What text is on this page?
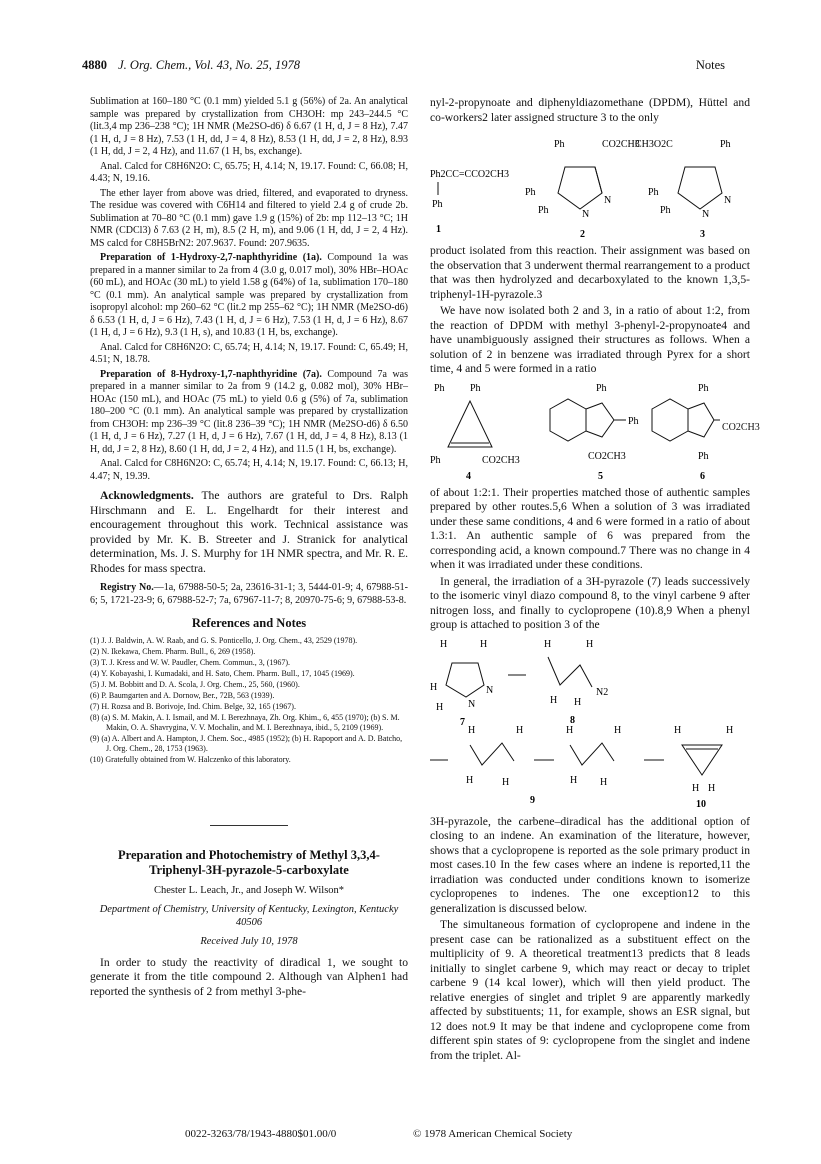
4880 J. Org. Chem., Vol. 43, No. 25, 1978	Notes

Sublimation at 160–180 °C (0.1 mm) yielded 5.1 g (56%) of 2a. An analytical sample was prepared by crystallization from CH3OH: mp 243–244.5 °C (lit.3,4 mp 236–238 °C); 1H NMR (Me2SO-d6) δ 6.67 (1 H, d, J = 8 Hz), 7.47 (1 H, d, J = 8 Hz), 7.53 (1 H, dd, J = 4, 8 Hz), 8.53 (1 H, dd, J = 2, 8 Hz), 8.93 (1 H, dd, J = 2, 4 Hz), and 11.67 (1 H, bs, exchange).

Anal. Calcd for C8H6N2O: C, 65.75; H, 4.14; N, 19.17. Found: C, 66.08; H, 4.43; N, 19.16.

The ether layer from above was dried, filtered, and evaporated to dryness. The residue was covered with C6H14 and filtered to yield 2.4 g of crude 2b. Sublimation at 70–80 °C (0.1 mm) gave 1.9 g (15%) of 2b: mp 112–13 °C; 1H NMR (CDCl3) δ 7.63 (2 H, m), 8.5 (2 H, m), and 9.06 (1 H, dd, J = 2, 4 Hz). MS calcd for C8H5BrN2: 207.9637. Found: 207.9635.

Preparation of 1-Hydroxy-2,7-naphthyridine (1a). Compound 1a was prepared in a manner similar to 2a from 4 (3.0 g, 0.017 mol), 30% HBr–HOAc (60 mL), and HOAc (30 mL) to yield 1.58 g (64%) of 1a, sublimation 170–180 °C (0.1 mm). An analytical sample was prepared by crystallization from isopropyl alcohol: mp 260–62 °C (lit.2 mp 255–62 °C); 1H NMR (Me2SO-d6) δ 6.53 (1 H, d, J = 6 Hz), 7.43 (1 H, d, J = 6 Hz), 7.53 (1 H, d, J = 6 Hz), 8.67 (1 H, d, J = 6 Hz), 9.3 (1 H, s), and 10.83 (1 H, bs, exchange).

Anal. Calcd for C8H6N2O: C, 65.74; H, 4.14; N, 19.17. Found: C, 65.49; H, 4.51; N, 18.78.

Preparation of 8-Hydroxy-1,7-naphthyridine (7a). Compound 7a was prepared in a manner similar to 2a from 9 (14.2 g, 0.082 mol), 30% HBr–HOAc (150 mL), and HOAc (75 mL) to yield 0.6 g (5%) of 7a, sublimation 180–200 °C (0.1 mm). An analytical sample was prepared by crystallization from CH3OH: mp 236–39 °C (lit.8 236–39 °C); 1H NMR (Me2SO-d6) δ 6.50 (1 H, d, J = 6 Hz), 7.27 (1 H, d, J = 6 Hz), 7.67 (1 H, dd, J = 4, 8 Hz), 8.13 (1 H, dd, J = 2, 8 Hz), 8.60 (1 H, dd, J = 2, 4 Hz), and 11.5 (1 H, bs, exchange).

Anal. Calcd for C8H6N2O: C, 65.74; H, 4.14; N, 19.17. Found: C, 66.13; H, 4.47; N, 19.39.

Acknowledgments. The authors are grateful to Drs. Ralph Hirschmann and E. L. Engelhardt for their interest and encouragement throughout this work. Technical assistance was provided by Mr. K. B. Streeter and J. Stranick for analytical determination, Ms. J. S. Murphy for 1H NMR spectra, and Mr. R. E. Rhodes for mass spectra.

Registry No.—1a, 67988-50-5; 2a, 23616-31-1; 3, 5444-01-9; 4, 67988-51-6; 5, 1721-23-9; 6, 67988-52-7; 7a, 67967-11-7; 8, 20970-75-6; 9, 67988-53-8.

References and Notes
(1) J. J. Baldwin, A. W. Raab, and G. S. Ponticello, J. Org. Chem., 43, 2529 (1978).
(2) N. Ikekawa, Chem. Pharm. Bull., 6, 269 (1958).
(3) T. J. Kress and W. W. Paudler, Chem. Commun., 3, (1967).
(4) Y. Kobayashi, I. Kumadaki, and H. Sato, Chem. Pharm. Bull., 17, 1045 (1969).
(5) J. M. Bobbitt and D. A. Scola, J. Org. Chem., 25, 560, (1960).
(6) P. Baumgarten and A. Dornow, Ber., 72B, 563 (1939).
(7) H. Rozsa and B. Borivoje, Ind. Chim. Belge, 32, 165 (1967).
(8) (a) S. M. Makin, A. I. Ismail, and M. I. Berezhnaya, Zh. Org. Khim., 6, 455 (1970); (b) S. M. Makin, O. A. Shavrygina, V. V. Mochalin, and M. I. Berezhnaya, ibid., 5, 2109 (1969).
(9) (a) A. Albert and A. Hampton, J. Chem. Soc., 4985 (1952); (b) H. Rapoport and A. D. Batcho, J. Org. Chem., 28, 1753 (1963).
(10) Gratefully obtained from W. Halczenko of this laboratory.
Preparation and Photochemistry of Methyl 3,3,4-Triphenyl-3H-pyrazole-5-carboxylate
Chester L. Leach, Jr., and Joseph W. Wilson*
Department of Chemistry, University of Kentucky, Lexington, Kentucky 40506
Received July 10, 1978

In order to study the reactivity of diradical 1, we sought to generate it from the title compound 2. Although van Alphen1 had reported the synthesis of 2 from methyl 3-phe-

nyl-2-propynoate and diphenyldiazomethane (DPDM), Hüttel and co-workers2 later assigned structure 3 to the only

Ph2CC=CCO2CH3
Ph
1
Ph	CO2CH3
Ph
Ph	N
N
2
CH3O2C	Ph
Ph
Ph	N
N
3

product isolated from this reaction. Their assignment was based on the observation that 3 underwent thermal rearrangement to a product that was then hydrolyzed and decarboxylated to the known 1,3,5-triphenyl-1H-pyrazole.3

We have now isolated both 2 and 3, in a ratio of about 1:2, from the reaction of DPDM with methyl 3-phenyl-2-propynoate4 and have unambiguously assigned their structures as follows. When a solution of 2 in benzene was irradiated through Pyrex for a short time, 4 and 5 were formed in a ratio

Ph	Ph
Ph	CO2CH3
4
Ph
Ph
CO2CH3
5
Ph
Ph
6
CO2CH3

of about 1:2:1. Their properties matched those of authentic samples prepared by other routes.5,6 When a solution of 3 was irradiated under these same conditions, 4 and 6 were formed in a ratio of about 1.3:1. An authentic sample of 6 was prepared from the corresponding acid, a known compound.7 There was no change in 4 when it was irradiated under these conditions.

In general, the irradiation of a 3H-pyrazole (7) leads successively to the isomeric vinyl diazo compound 8, to the vinyl carbene 9 after nitrogen loss, and finally to cyclopropene (10).8,9 When a phenyl group is attached to position 3 of the

H	H
H
H N
N
7
H	H
H H
N2
8
H	H
H	H
H	H
H H
9
H	H
H H
10

3H-pyrazole, the carbene–diradical has the additional option of closing to an indene. An examination of the literature, however, shows that a cyclopropene is reported as the sole primary product in most cases.10 In the few cases where an indene is reported,11 the irradiation was conducted under conditions known to isomerize cyclopropenes to indenes. The one exception12 to this generalization is discussed below.

The simultaneous formation of cyclopropene and indene in the present case can be rationalized as a substituent effect on the multiplicity of 9. A theoretical treatment13 predicts that 8 leads initially to singlet carbene 9, which may react or decay to triplet carbene 9 (14 kcal lower), which will then yield product. The relative energies of singlet and triplet 9 are apparently markedly affected by substituents; 11, for example, shows an ESR signal, but 12 does not.9 It may be that indene and cyclopropene come from different spin states of 9: cyclopropene from the singlet and indene from the triplet. Al-

0022-3263/78/1943-4880$01.00/0	© 1978 American Chemical Society
